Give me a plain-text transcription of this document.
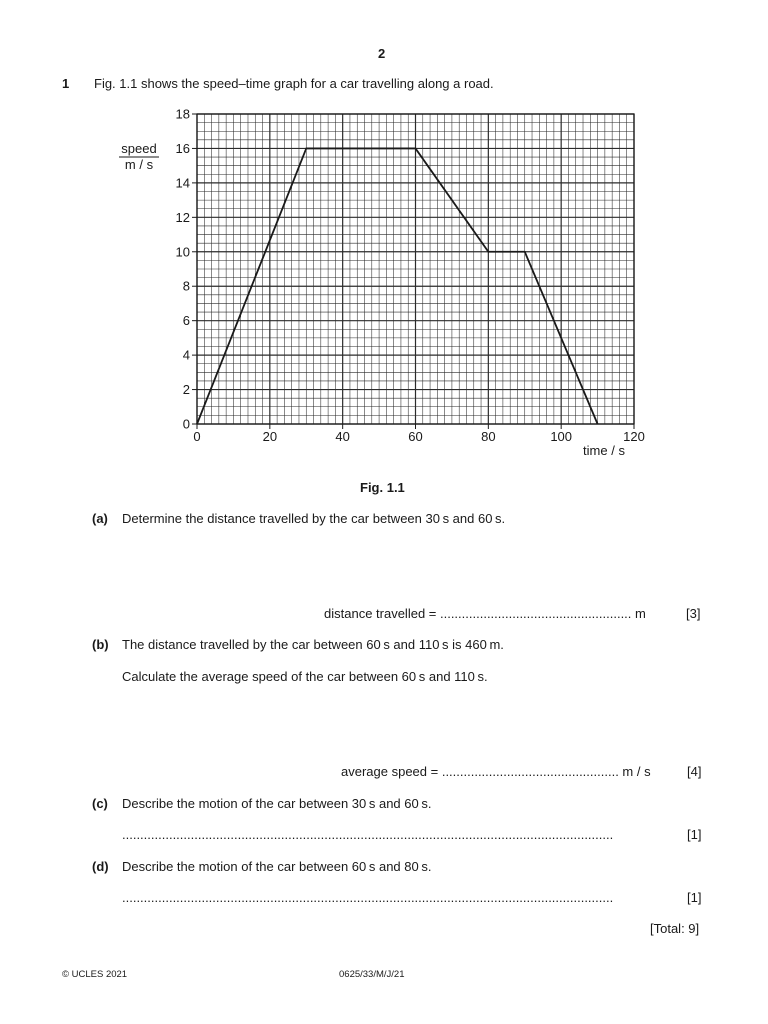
2
1 Fig. 1.1 shows the speed–time graph for a car travelling along a road.
0	20	40	60	80	100	120
0
2
4
6
8
10
12
14
16
18
speed
m / s
time / s
Fig. 1.1
(a) Determine the distance travelled by the car between 30 s and 60 s.
distance travelled = ..................................................... m	[3]
(b) The distance travelled by the car between 60 s and 110 s is 460 m.
Calculate the average speed of the car between 60 s and 110 s.
average speed = ................................................. m / s	[4]
(c) Describe the motion of the car between 30 s and 60 s.
........................................................................................................................................	[1]
(d) Describe the motion of the car between 60 s and 80 s.
........................................................................................................................................	[1]
[Total: 9]
© UCLES 2021	0625/33/M/J/21
